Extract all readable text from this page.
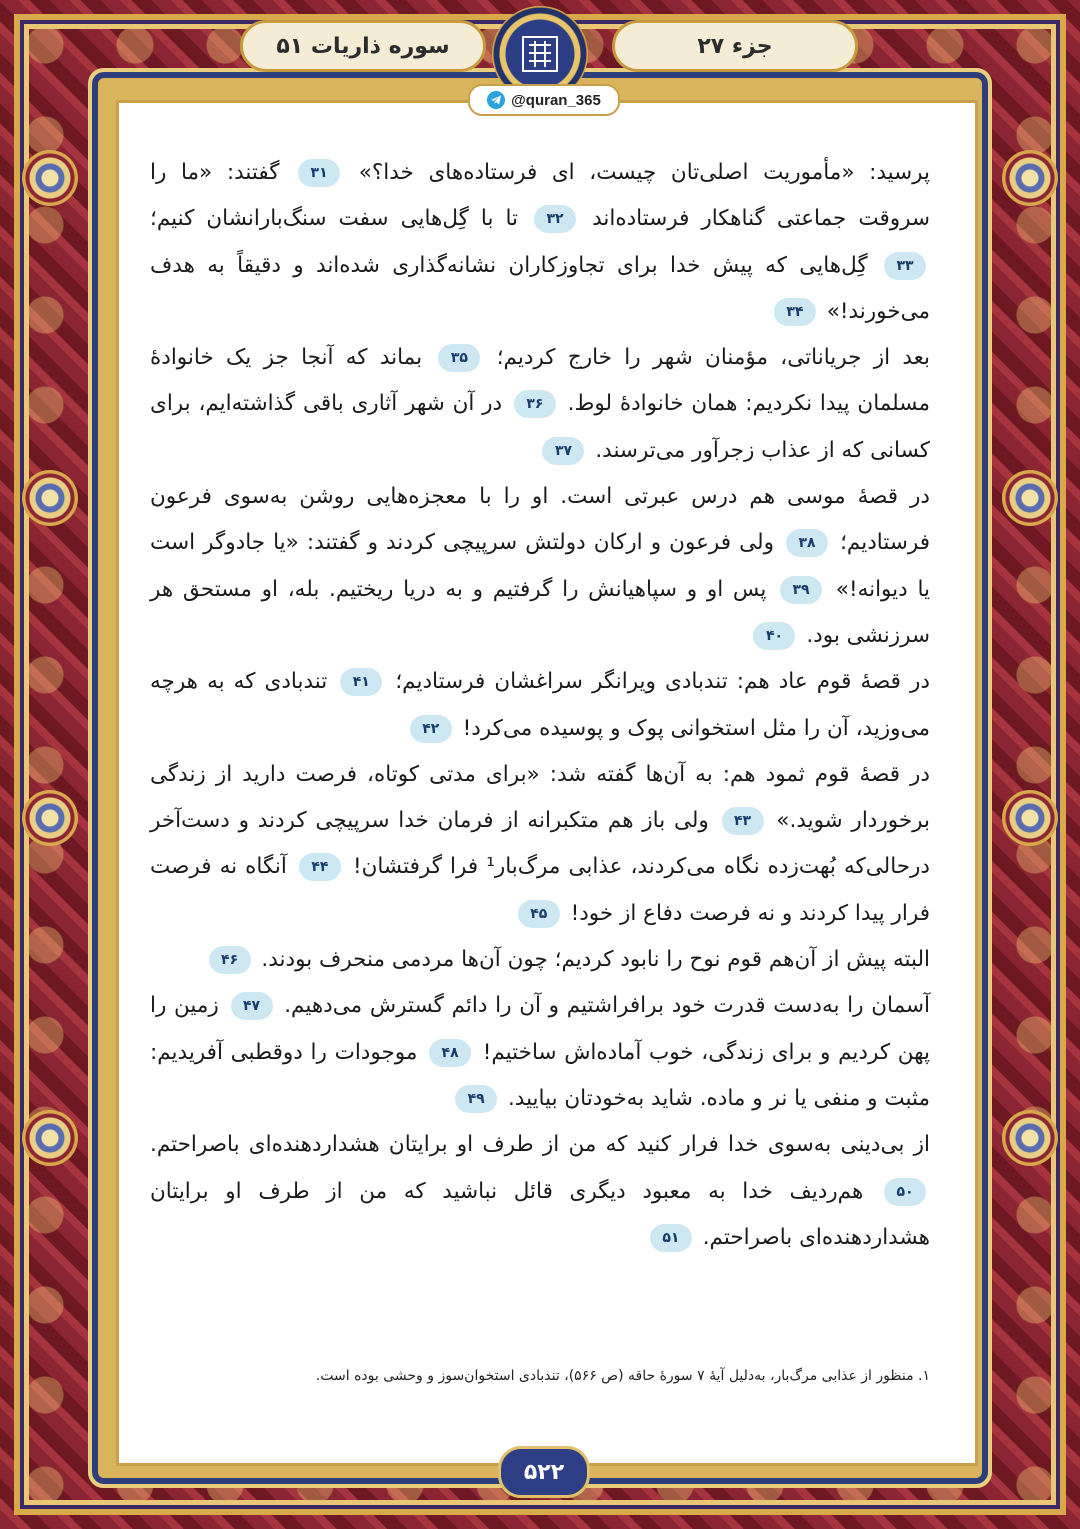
جزء ۲۷
سوره ذاریات ۵۱
@quran_365

پرسید: «مأموریت اصلی‌تان چیست، ای فرستاده‌های خدا؟» ۳۱ گفتند: «ما را سروقت جماعتی گناهکار فرستاده‌اند ۳۲ تا با گِل‌هایی سفت سنگ‌بارانشان کنیم؛ ۳۳ گِل‌هایی که پیش خدا برای تجاوزکاران نشانه‌گذاری شده‌اند و دقیقاً به هدف می‌خورند!» ۳۴

بعد از جریاناتی، مؤمنان شهر را خارج کردیم؛ ۳۵ بماند که آنجا جز یک خانوادهٔ مسلمان پیدا نکردیم: همان خانوادهٔ لوط. ۳۶ در آن شهر آثاری باقی گذاشته‌ایم، برای کسانی که از عذاب زجرآور می‌ترسند. ۳۷

در قصهٔ موسی هم درس عبرتی است. او را با معجزه‌هایی روشن به‌سوی فرعون فرستادیم؛ ۳۸ ولی فرعون و ارکان دولتش سرپیچی کردند و گفتند: «یا جادوگر است یا دیوانه!» ۳۹ پس او و سپاهیانش را گرفتیم و به دریا ریختیم. بله، او مستحق هر سرزنشی بود. ۴۰

در قصهٔ قوم عاد هم: تندبادی ویرانگر سراغشان فرستادیم؛ ۴۱ تندبادی که به هرچه می‌وزید، آن را مثل استخوانی پوک و پوسیده می‌کرد! ۴۲

در قصهٔ قوم ثمود هم: به آن‌ها گفته شد: «برای مدتی کوتاه، فرصت دارید از زندگی برخوردار شوید.» ۴۳ ولی باز هم متکبرانه از فرمان خدا سرپیچی کردند و دست‌آخر درحالی‌که بُهت‌زده نگاه می‌کردند، عذابی مرگ‌بار¹ فرا گرفتشان! ۴۴ آنگاه نه فرصت فرار پیدا کردند و نه فرصت دفاع از خود! ۴۵

البته پیش از آن‌هم قوم نوح را نابود کردیم؛ چون آن‌ها مردمی منحرف بودند. ۴۶

آسمان را به‌دست قدرت خود برافراشتیم و آن را دائم گسترش می‌دهیم. ۴۷ زمین را پهن کردیم و برای زندگی، خوب آماده‌اش ساختیم! ۴۸ موجودات را دوقطبی آفریدیم: مثبت و منفی یا نر و ماده. شاید به‌خودتان بیایید. ۴۹

از بی‌دینی به‌سوی خدا فرار کنید که من از طرف او برایتان هشداردهنده‌ای باصراحتم. ۵۰ هم‌ردیف خدا به معبود دیگری قائل نباشید که من از طرف او برایتان هشداردهنده‌ای باصراحتم. ۵۱

۱. منظور از عذابی مرگ‌بار، به‌دلیل آیهٔ ۷ سورهٔ حاقه (ص ۵۶۶)، تندبادی استخوان‌سوز و وحشی بوده است.
۵۲۲
